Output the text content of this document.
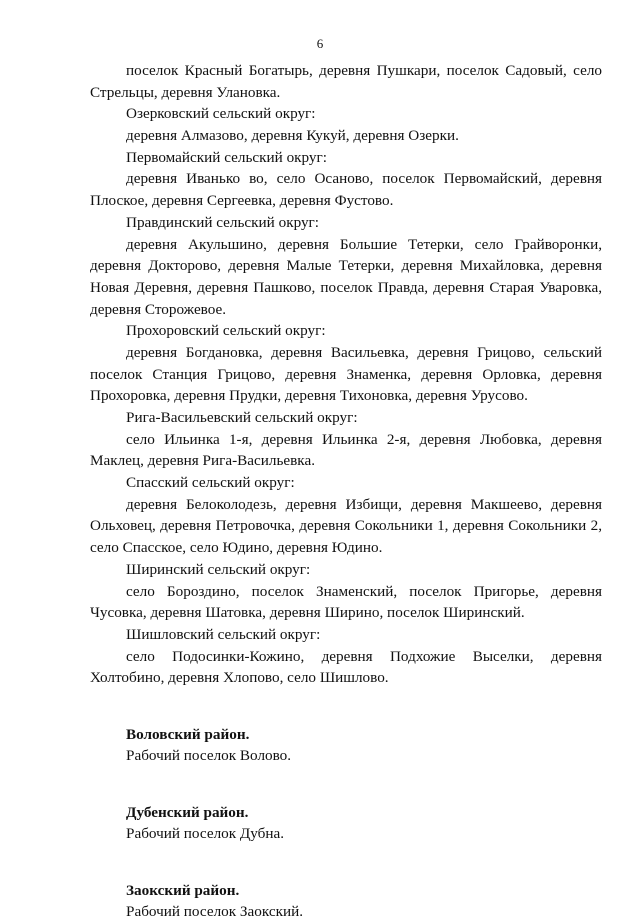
6
поселок Красный Богатырь, деревня Пушкари, поселок Садовый, село
Стрельцы, деревня Улановка.
Озерковский сельский округ:
деревня Алмазово, деревня Кукуй, деревня Озерки.
Первомайский сельский округ:
деревня Иванько во, село Осаново, поселок Первомайский, деревня
Плоское, деревня Сергеевка, деревня Фустово.
Правдинский сельский округ:
деревня Акульшино, деревня Большие Тетерки, село Грайворонки,
деревня Докторово, деревня Малые Тетерки, деревня Михайловка, деревня
Новая Деревня, деревня Пашково, поселок Правда, деревня Старая Уваровка,
деревня Сторожевое.
Прохоровский сельский округ:
деревня Богдановка, деревня Васильевка, деревня Грицово, сельский
поселок Станция Грицово, деревня Знаменка, деревня Орловка, деревня
Прохоровка, деревня Прудки, деревня Тихоновка, деревня Урусово.
Рига-Васильевский сельский округ:
село Ильинка 1-я, деревня Ильинка 2-я, деревня Любовка, деревня
Маклец, деревня Рига-Васильевка.
Спасский сельский округ:
деревня Белоколодезь, деревня Избищи, деревня Макшеево, деревня
Ольховец, деревня Петровочка, деревня Сокольники 1, деревня Сокольники 2,
село Спасское, село Юдино, деревня Юдино.
Ширинский сельский округ:
село Бороздино, поселок Знаменский, поселок Пригорье, деревня
Чусовка, деревня Шатовка, деревня Ширино, поселок Ширинский.
Шишловский сельский округ:
село Подосинки-Кожино, деревня Подхожие Выселки, деревня
Холтобино, деревня Хлопово, село Шишлово.
Воловский район.
Рабочий поселок Волово.
Дубенский район.
Рабочий поселок Дубна.
Заокский район.
Рабочий поселок Заокский.
